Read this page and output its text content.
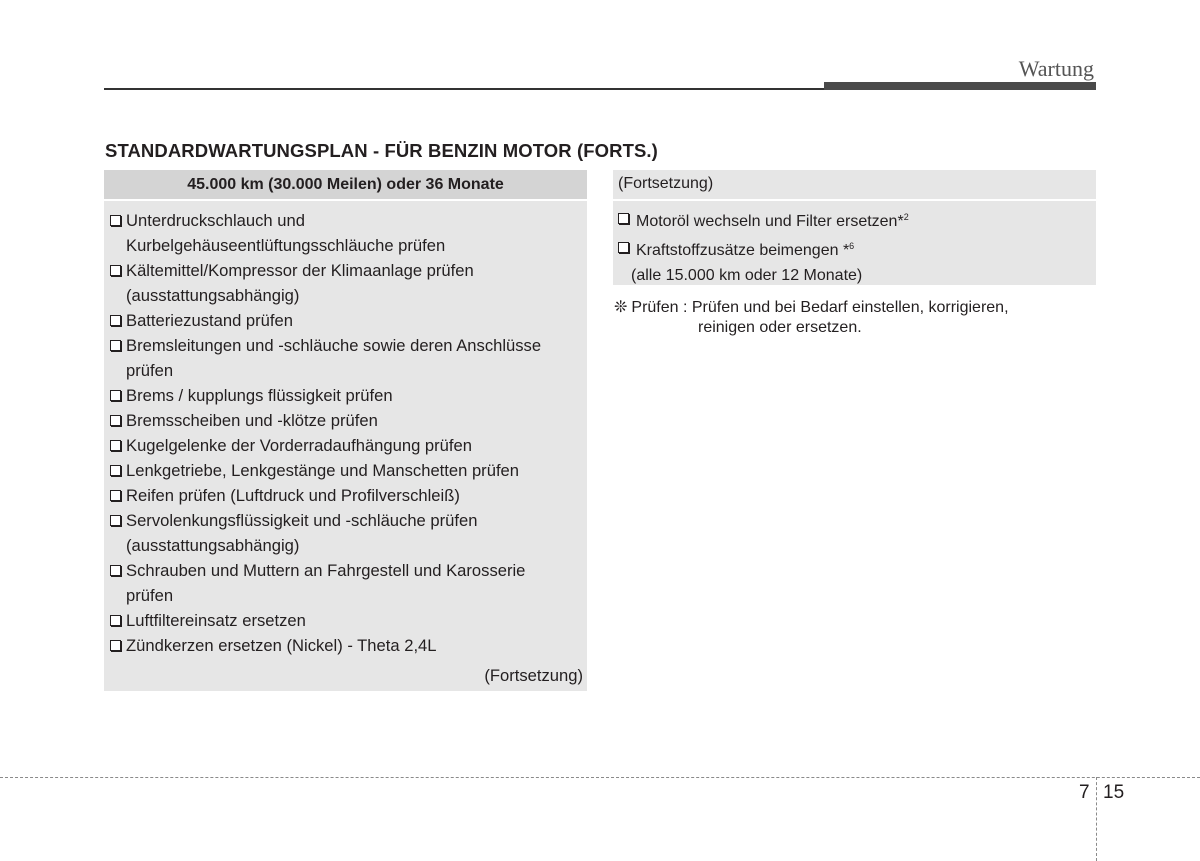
Wartung
STANDARDWARTUNGSPLAN - FÜR BENZIN MOTOR (FORTS.)
45.000 km (30.000 Meilen) oder 36 Monate
Unterdruckschlauch und
Kurbelgehäuseentlüftungsschläuche prüfen
Kältemittel/Kompressor der Klimaanlage prüfen
(ausstattungsabhängig)
Batteriezustand prüfen
Bremsleitungen und -schläuche sowie deren Anschlüsse
prüfen
Brems / kupplungs flüssigkeit prüfen
Bremsscheiben und -klötze prüfen
Kugelgelenke der Vorderradaufhängung prüfen
Lenkgetriebe, Lenkgestänge und Manschetten prüfen
Reifen prüfen (Luftdruck und Profilverschleiß)
Servolenkungsflüssigkeit und -schläuche prüfen
(ausstattungsabhängig)
Schrauben und Muttern an Fahrgestell und Karosserie
prüfen
Luftfiltereinsatz ersetzen
Zündkerzen ersetzen (Nickel) - Theta 2,4L
(Fortsetzung)
(Fortsetzung)
Motoröl wechseln und Filter ersetzen*$^2$
Kraftstoffzusätze beimengen *$^6$
(alle 15.000 km oder 12 Monate)
❊ Prüfen : Prüfen und bei Bedarf einstellen, korrigieren,
reinigen oder ersetzen.
7 15
